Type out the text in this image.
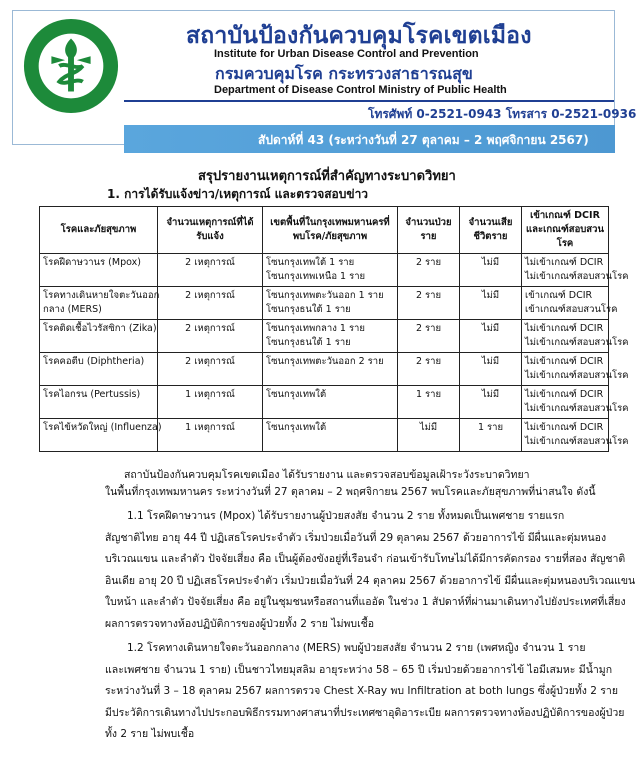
สถาบันป้องกันควบคุมโรคเขตเมือง
Institute for Urban Disease Control and Prevention
กรมควบคุมโรค กระทรวงสาธารณสุข
Department of Disease Control Ministry of Public Health
โทรศัพท์ 0-2521-0943 โทรสาร 0-2521-0936
สัปดาห์ที่ 43 (ระหว่างวันที่ 27 ตุลาคม – 2 พฤศจิกายน 2567)
สรุปรายงานเหตุการณ์ที่สำคัญทางระบาดวิทยา
1. การได้รับแจ้งข่าว/เหตุการณ์ และตรวจสอบข่าว
โรคและภัยสุขภาพ	จำนวนเหตุการณ์ที่ได้รับแจ้ง	เขตพื้นที่ในกรุงเทพมหานครที่พบโรค/ภัยสุขภาพ	จำนวนป่วยราย	จำนวนเสียชีวิตราย	เข้าเกณฑ์ DCIR และเกณฑ์สอบสวนโรค

โรคฝีดาษวานร (Mpox)	2 เหตุการณ์	โซนกรุงเทพใต้ 1 ราย
โซนกรุงเทพเหนือ 1 ราย	2 ราย	ไม่มี	ไม่เข้าเกณฑ์ DCIR
ไม่เข้าเกณฑ์สอบสวนโรค

โรคทางเดินหายใจตะวันออก
กลาง (MERS)	2 เหตุการณ์	โซนกรุงเทพตะวันออก 1 ราย
โซนกรุงธนใต้ 1 ราย	2 ราย	ไม่มี	เข้าเกณฑ์ DCIR
เข้าเกณฑ์สอบสวนโรค

โรคติดเชื้อไวรัสซิกา (Zika)	2 เหตุการณ์	โซนกรุงเทพกลาง 1 ราย
โซนกรุงธนใต้ 1 ราย	2 ราย	ไม่มี	ไม่เข้าเกณฑ์ DCIR
ไม่เข้าเกณฑ์สอบสวนโรค

โรคคอตีบ (Diphtheria)	2 เหตุการณ์	โซนกรุงเทพตะวันออก 2 ราย	2 ราย	ไม่มี	ไม่เข้าเกณฑ์ DCIR
ไม่เข้าเกณฑ์สอบสวนโรค

โรคไอกรน (Pertussis)	1 เหตุการณ์	โซนกรุงเทพใต้	1 ราย	ไม่มี	ไม่เข้าเกณฑ์ DCIR
ไม่เข้าเกณฑ์สอบสวนโรค

โรคไข้หวัดใหญ่ (Influenza)	1 เหตุการณ์	โซนกรุงเทพใต้	ไม่มี	1 ราย	ไม่เข้าเกณฑ์ DCIR
ไม่เข้าเกณฑ์สอบสวนโรค
สถาบันป้องกันควบคุมโรคเขตเมือง ได้รับรายงาน และตรวจสอบข้อมูลเฝ้าระวังระบาดวิทยา
ในพื้นที่กรุงเทพมหานคร ระหว่างวันที่ 27 ตุลาคม – 2 พฤศจิกายน 2567 พบโรคและภัยสุขภาพที่น่าสนใจ ดังนี้
1.1 โรคฝีดาษวานร (Mpox) ได้รับรายงานผู้ป่วยสงสัย จำนวน 2 ราย ทั้งหมดเป็นเพศชาย รายแรก
สัญชาติไทย อายุ 44 ปี ปฏิเสธโรคประจำตัว เริ่มป่วยเมื่อวันที่ 29 ตุลาคม 2567 ด้วยอาการไข้ มีผื่นและตุ่มหนอง
บริเวณแขน และลำตัว ปัจจัยเสี่ยง คือ เป็นผู้ต้องขังอยู่ที่เรือนจำ ก่อนเข้ารับโทษไม่ได้มีการคัดกรอง รายที่สอง สัญชาติ
อินเดีย อายุ 20 ปี ปฏิเสธโรคประจำตัว เริ่มป่วยเมื่อวันที่ 24 ตุลาคม 2567 ด้วยอาการไข้ มีผื่นและตุ่มหนองบริเวณแขน
ใบหน้า และลำตัว ปัจจัยเสี่ยง คือ อยู่ในชุมชนหรือสถานที่แออัด ในช่วง 1 สัปดาห์ที่ผ่านมาเดินทางไปยังประเทศที่เสี่ยง
ผลการตรวจทางห้องปฏิบัติการของผู้ป่วยทั้ง 2 ราย ไม่พบเชื้อ
1.2 โรคทางเดินหายใจตะวันออกกลาง (MERS) พบผู้ป่วยสงสัย จำนวน 2 ราย (เพศหญิง จำนวน 1 ราย
และเพศชาย จำนวน 1 ราย) เป็นชาวไทยมุสลิม อายุระหว่าง 58 – 65 ปี เริ่มป่วยด้วยอาการไข้ ไอมีเสมหะ มีน้ำมูก
ระหว่างวันที่ 3 – 18 ตุลาคม 2567 ผลการตรวจ Chest X-Ray พบ Infiltration at both lungs ซึ่งผู้ป่วยทั้ง 2 ราย
มีประวัติการเดินทางไปประกอบพิธีกรรมทางศาสนาที่ประเทศซาอุดิอาระเบีย ผลการตรวจทางห้องปฏิบัติการของผู้ป่วย
ทั้ง 2 ราย ไม่พบเชื้อ
